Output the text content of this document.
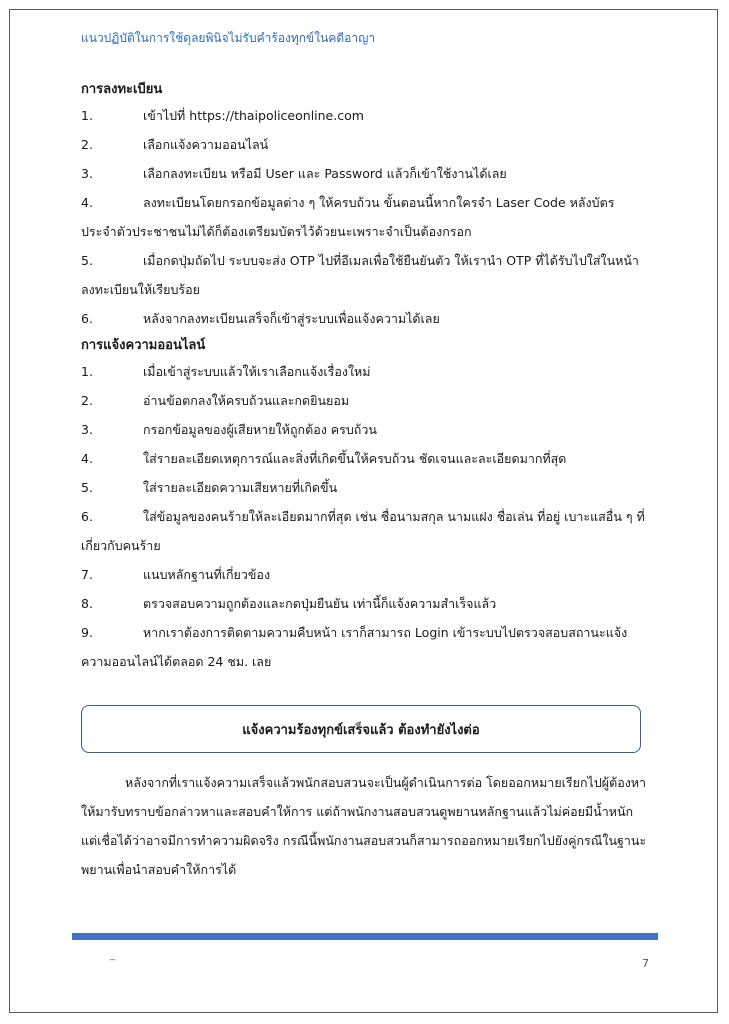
แนวปฏิบัติในการใช้ดุลยพินิจไม่รับคำร้องทุกข์ในคดีอาญา

การลงทะเบียน

1.	เข้าไปที่ https://thaipoliceonline.com
2.	เลือกแจ้งความออนไลน์
3.	เลือกลงทะเบียน หรือมี User และ Password แล้วก็เข้าใช้งานได้เลย
4.	ลงทะเบียนโดยกรอกข้อมูลต่าง ๆ ให้ครบถ้วน ขั้นตอนนี้หากใครจำ Laser Code หลังบัตรประจำตัวประชาชนไม่ได้ก็ต้องเตรียมบัตรไว้ด้วยนะเพราะจำเป็นต้องกรอก
5.	เมื่อกดปุ่มถัดไป ระบบจะส่ง OTP ไปที่อีเมลเพื่อใช้ยืนยันตัว ให้เรานำ OTP ที่ได้รับไปใส่ในหน้าลงทะเบียนให้เรียบร้อย
6.	หลังจากลงทะเบียนเสร็จก็เข้าสู่ระบบเพื่อแจ้งความได้เลย

การแจ้งความออนไลน์

1.	เมื่อเข้าสู่ระบบแล้วให้เราเลือกแจ้งเรื่องใหม่
2.	อ่านข้อตกลงให้ครบถ้วนและกดยินยอม
3.	กรอกข้อมูลของผู้เสียหายให้ถูกต้อง ครบถ้วน
4.	ใส่รายละเอียดเหตุการณ์และสิ่งที่เกิดขึ้นให้ครบถ้วน ชัดเจนและละเอียดมากที่สุด
5.	ใส่รายละเอียดความเสียหายที่เกิดขึ้น
6.	ใส่ข้อมูลของคนร้ายให้ละเอียดมากที่สุด เช่น ชื่อนามสกุล นามแฝง ชื่อเล่น ที่อยู่ เบาะแสอื่น ๆ ที่เกี่ยวกับคนร้าย
7.	แนบหลักฐานที่เกี่ยวข้อง
8.	ตรวจสอบความถูกต้องและกดปุ่มยืนยัน เท่านี้ก็แจ้งความสำเร็จแล้ว
9.	หากเราต้องการติดตามความคืบหน้า เราก็สามารถ Login เข้าระบบไปตรวจสอบสถานะแจ้งความออนไลน์ได้ตลอด 24 ชม. เลย
แจ้งความร้องทุกข์เสร็จแล้ว ต้องทำยังไงต่อ

หลังจากที่เราแจ้งความเสร็จแล้วพนักสอบสวนจะเป็นผู้ดำเนินการต่อ โดยออกหมายเรียกไปผู้ต้องหาให้มารับทราบข้อกล่าวหาและสอบคำให้การ แต่ถ้าพนักงานสอบสวนดูพยานหลักฐานแล้วไม่ค่อยมีน้ำหนัก แต่เชื่อได้ว่าอาจมีการทำความผิดจริง กรณีนี้พนักงานสอบสวนก็สามารถออกหมายเรียกไปยังคู่กรณีในฐานะพยานเพื่อนำสอบคำให้การได้

_
7
